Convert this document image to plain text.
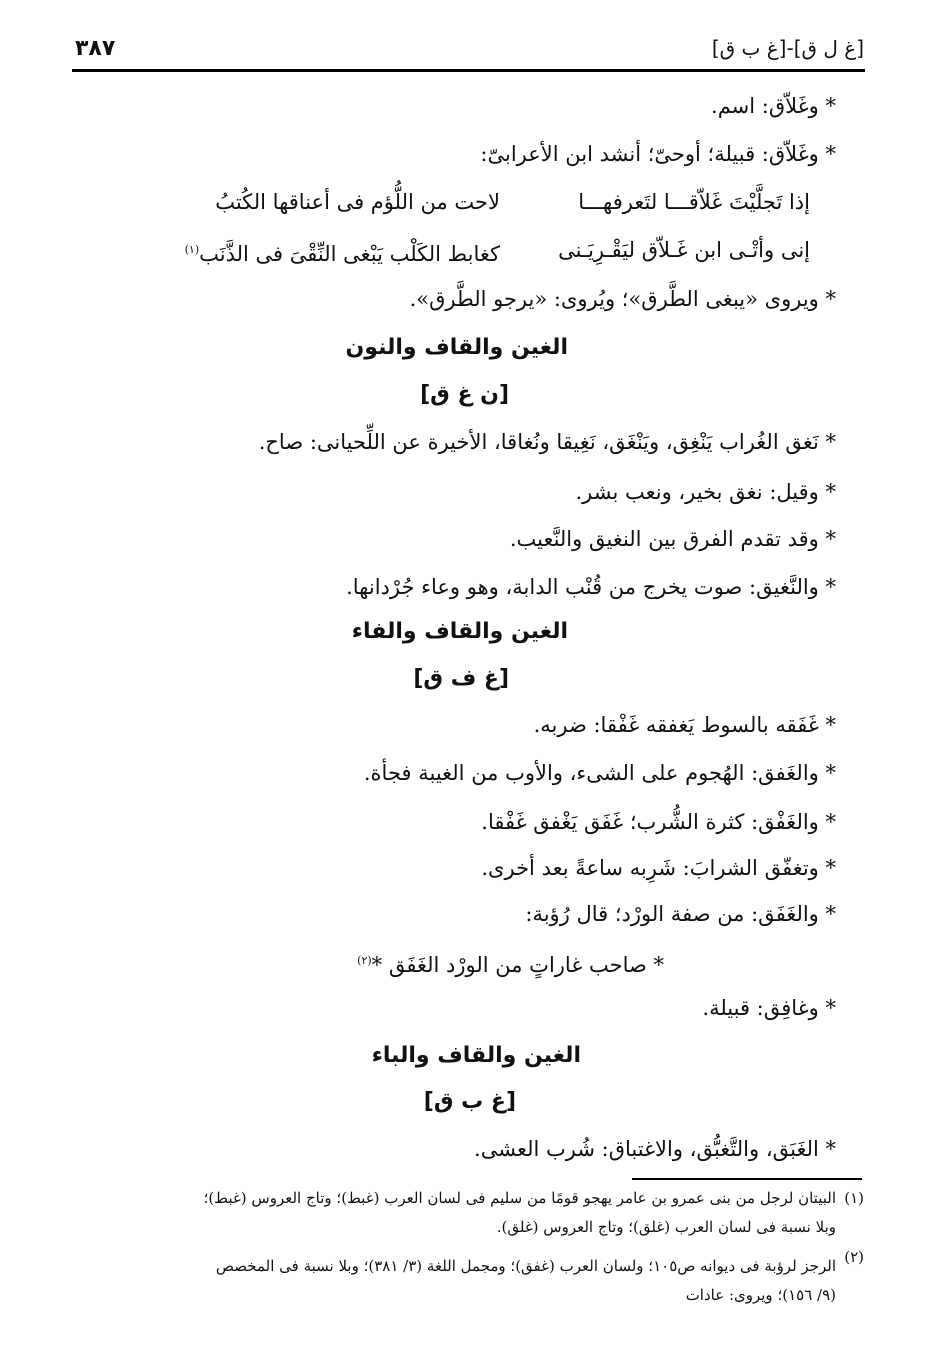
[غ ل ق]-[غ ب ق]
٣٨٧
* وغَلاّق: اسم.
* وغَلاّق: قبيلة؛ أوحىّ؛ أنشد ابن الأعرابىّ:
إذا تَجلَّيْتَ غَلاّقـــا لتَعرفهـــا
لاحت من اللُّؤم فى أعناقها الكُتبُ
إنى وأتْـى ابن غَـلاّق ليَقْـرِيَـنى
كغابط الكَلْب يَبْغى النِّقْىَ فى الذَّنَب$^{(١)}$
* ويروى «يبغى الطَّرق»؛ ويُروى: «يرجو الطَّرق».
الغين والقاف والنون
[ن غ ق]
* نَغق الغُراب يَنْغِق، ويَنْغَق، نَغِيقا ونُغاقا، الأخيرة عن اللِّحيانى: صاح.
* وقيل: نغق بخير، ونعب بشر.
* وقد تقدم الفرق بين النغيق والنَّعيب.
* والنَّغيق: صوت يخرج من قُنْب الدابة، وهو وعاء جُرْدانها.
الغين والقاف والفاء
[غ ف ق]
* غَفَقه بالسوط يَغفقه غَفْقا: ضربه.
* والغَفق: الهُجوم على الشىء، والأوب من الغيبة فجأة.
* والغَفْق: كثرة الشُّرب؛ غَفَق يَغْفق غَفْقا.
* وتغفّق الشرابَ: شَرِبه ساعةً بعد أخرى.
* والغَفَق: من صفة الورْد؛ قال رُؤبة:
* صاحب غاراتٍ من الورْد الغَفَق *$^{(٢)}$
* وغافِق: قبيلة.
الغين والقاف والباء
[غ ب ق]
* الغَبَق، والتَّغبُّق، والاغتباق: شُرب العشى.
(١)
البيتان لرجل من بنى عمرو بن عامر يهجو قومًا من سليم فى لسان العرب (غبط)؛ وتاج العروس (غبط)؛
وبلا نسبة فى لسان العرب (غلق)؛ وتاج العروس (غلق).
(٢)
الرجز لرؤبة فى ديوانه ص١٠٥؛ ولسان العرب (غفق)؛ ومجمل اللغة (٣/ ٣٨١)؛ وبلا نسبة فى المخصص
(٩/ ١٥٦)؛ ويروى: عادات
